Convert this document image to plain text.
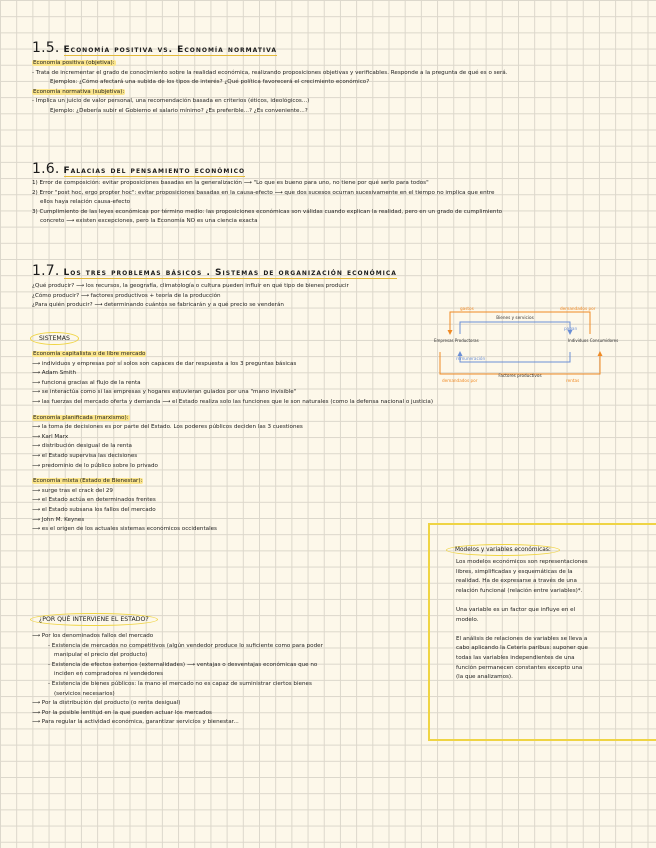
1.5. Economía positiva vs. Economía normativa
Economía positiva (objetiva):
- Trata de incrementar el grado de conocimiento sobre la realidad económica, realizando proposiciones objetivas y verificables. Responde a la pregunta de qué es o será.
Ejemplos: ¿Cómo afectará una subida de los tipos de interés? ¿Qué política favorecerá el crecimiento económico?
Economía normativa (subjetiva):
- Implica un juicio de valor personal, una recomendación basada en criterios (éticos, ideológicos...)
Ejemplo: ¿Debería subir el Gobierno el salario mínimo? ¿Es preferible...? ¿Es conveniente...?
1.6. Falacias del pensamiento económico
1) Error de composición: evitar proposiciones basadas en la generalización ⟶ "Lo que es bueno para uno, no tiene por qué serlo para todos"
2) Error "post hoc, ergo propter hoc": evitar proposiciones basadas en la causa-efecto ⟶ que dos sucesos ocurran sucesivamente en el tiempo no implica que entre
ellos haya relación causa-efecto
3) Cumplimiento de las leyes económicas por término medio: las proposiciones económicas son válidas cuando explican la realidad, pero en un grado de cumplimiento
concreto ⟶ existen excepciones, pero la Economía NO es una ciencia exacta
1.7. Los tres problemas básicos . Sistemas de organización económica
¿Qué producir? ⟶ los recursos, la geografía, climatología o cultura pueden influir en qué tipo de bienes producir
¿Cómo producir? ⟶ factores productivos + teoría de la producción
¿Para quién producir? ⟶ determinando cuántos se fabricarán y a qué precio se venderán
Bienes y servicios
Factores productivos
Empresas Productoras	Individuos Consumidores
gastos	demandados por
pagan
remuneración
demandados por	rentas
SISTEMAS
Economía capitalista o de libre mercado
⟶ individuos y empresas por sí solos son capaces de dar respuesta a los 3 preguntas básicas
⟶ Adam Smith
⟶ funciona gracias al flujo de la renta
⟶ se interactúa como si las empresas y hogares estuvieran guiados por una "mano invisible"
⟶ las fuerzas del mercado oferta y demanda ⟶ el Estado realiza solo las funciones que le son naturales (como la defensa nacional o justicia)
Economía planificada (marxismo):
⟶ la toma de decisiones es por parte del Estado. Los poderes públicos deciden las 3 cuestiones
⟶ Karl Marx
⟶ distribución desigual de la renta
⟶ el Estado supervisa las decisiones
⟶ predominio de lo público sobre lo privado
Economía mixta (Estado de Bienestar):
⟶ surge tras el crack del 29
⟶ el Estado actúa en determinados frentes
⟶ el Estado subsana los fallos del mercado
⟶ John M. Keynes
⟶ es el origen de los actuales sistemas económicos occidentales
¿POR QUÉ INTERVIENE EL ESTADO?
⟶ Por los denominados fallos del mercado
- Existencia de mercados no competitivos (algún vendedor produce lo suficiente como para poder
manipular el precio del producto)
- Existencia de efectos externos (externalidades) ⟶ ventajas o desventajas económicas que no
inciden en compradores ni vendedores
- Existencia de bienes públicos: la mano el mercado no es capaz de suministrar ciertos bienes
(servicios necesarios)
⟶ Por la distribución del producto (o renta desigual)
⟶ Por la posible lentitud en la que pueden actuar los mercados
⟶ Para regular la actividad económica, garantizar servicios y bienestar...
Modelos y variables económicas:
Los modelos económicos son representaciones
libres, simplificadas y esquemáticas de la
realidad. Ha de expresarse a través de una
relación funcional (relación entre variables)*.

Una variable es un factor que influye en el
modelo.

El análisis de relaciones de variables se lleva a
cabo aplicando la Ceteris paribus: suponer que
todas las variables independientes de una
función permanecen constantes excepto una
(la que analizamos).
